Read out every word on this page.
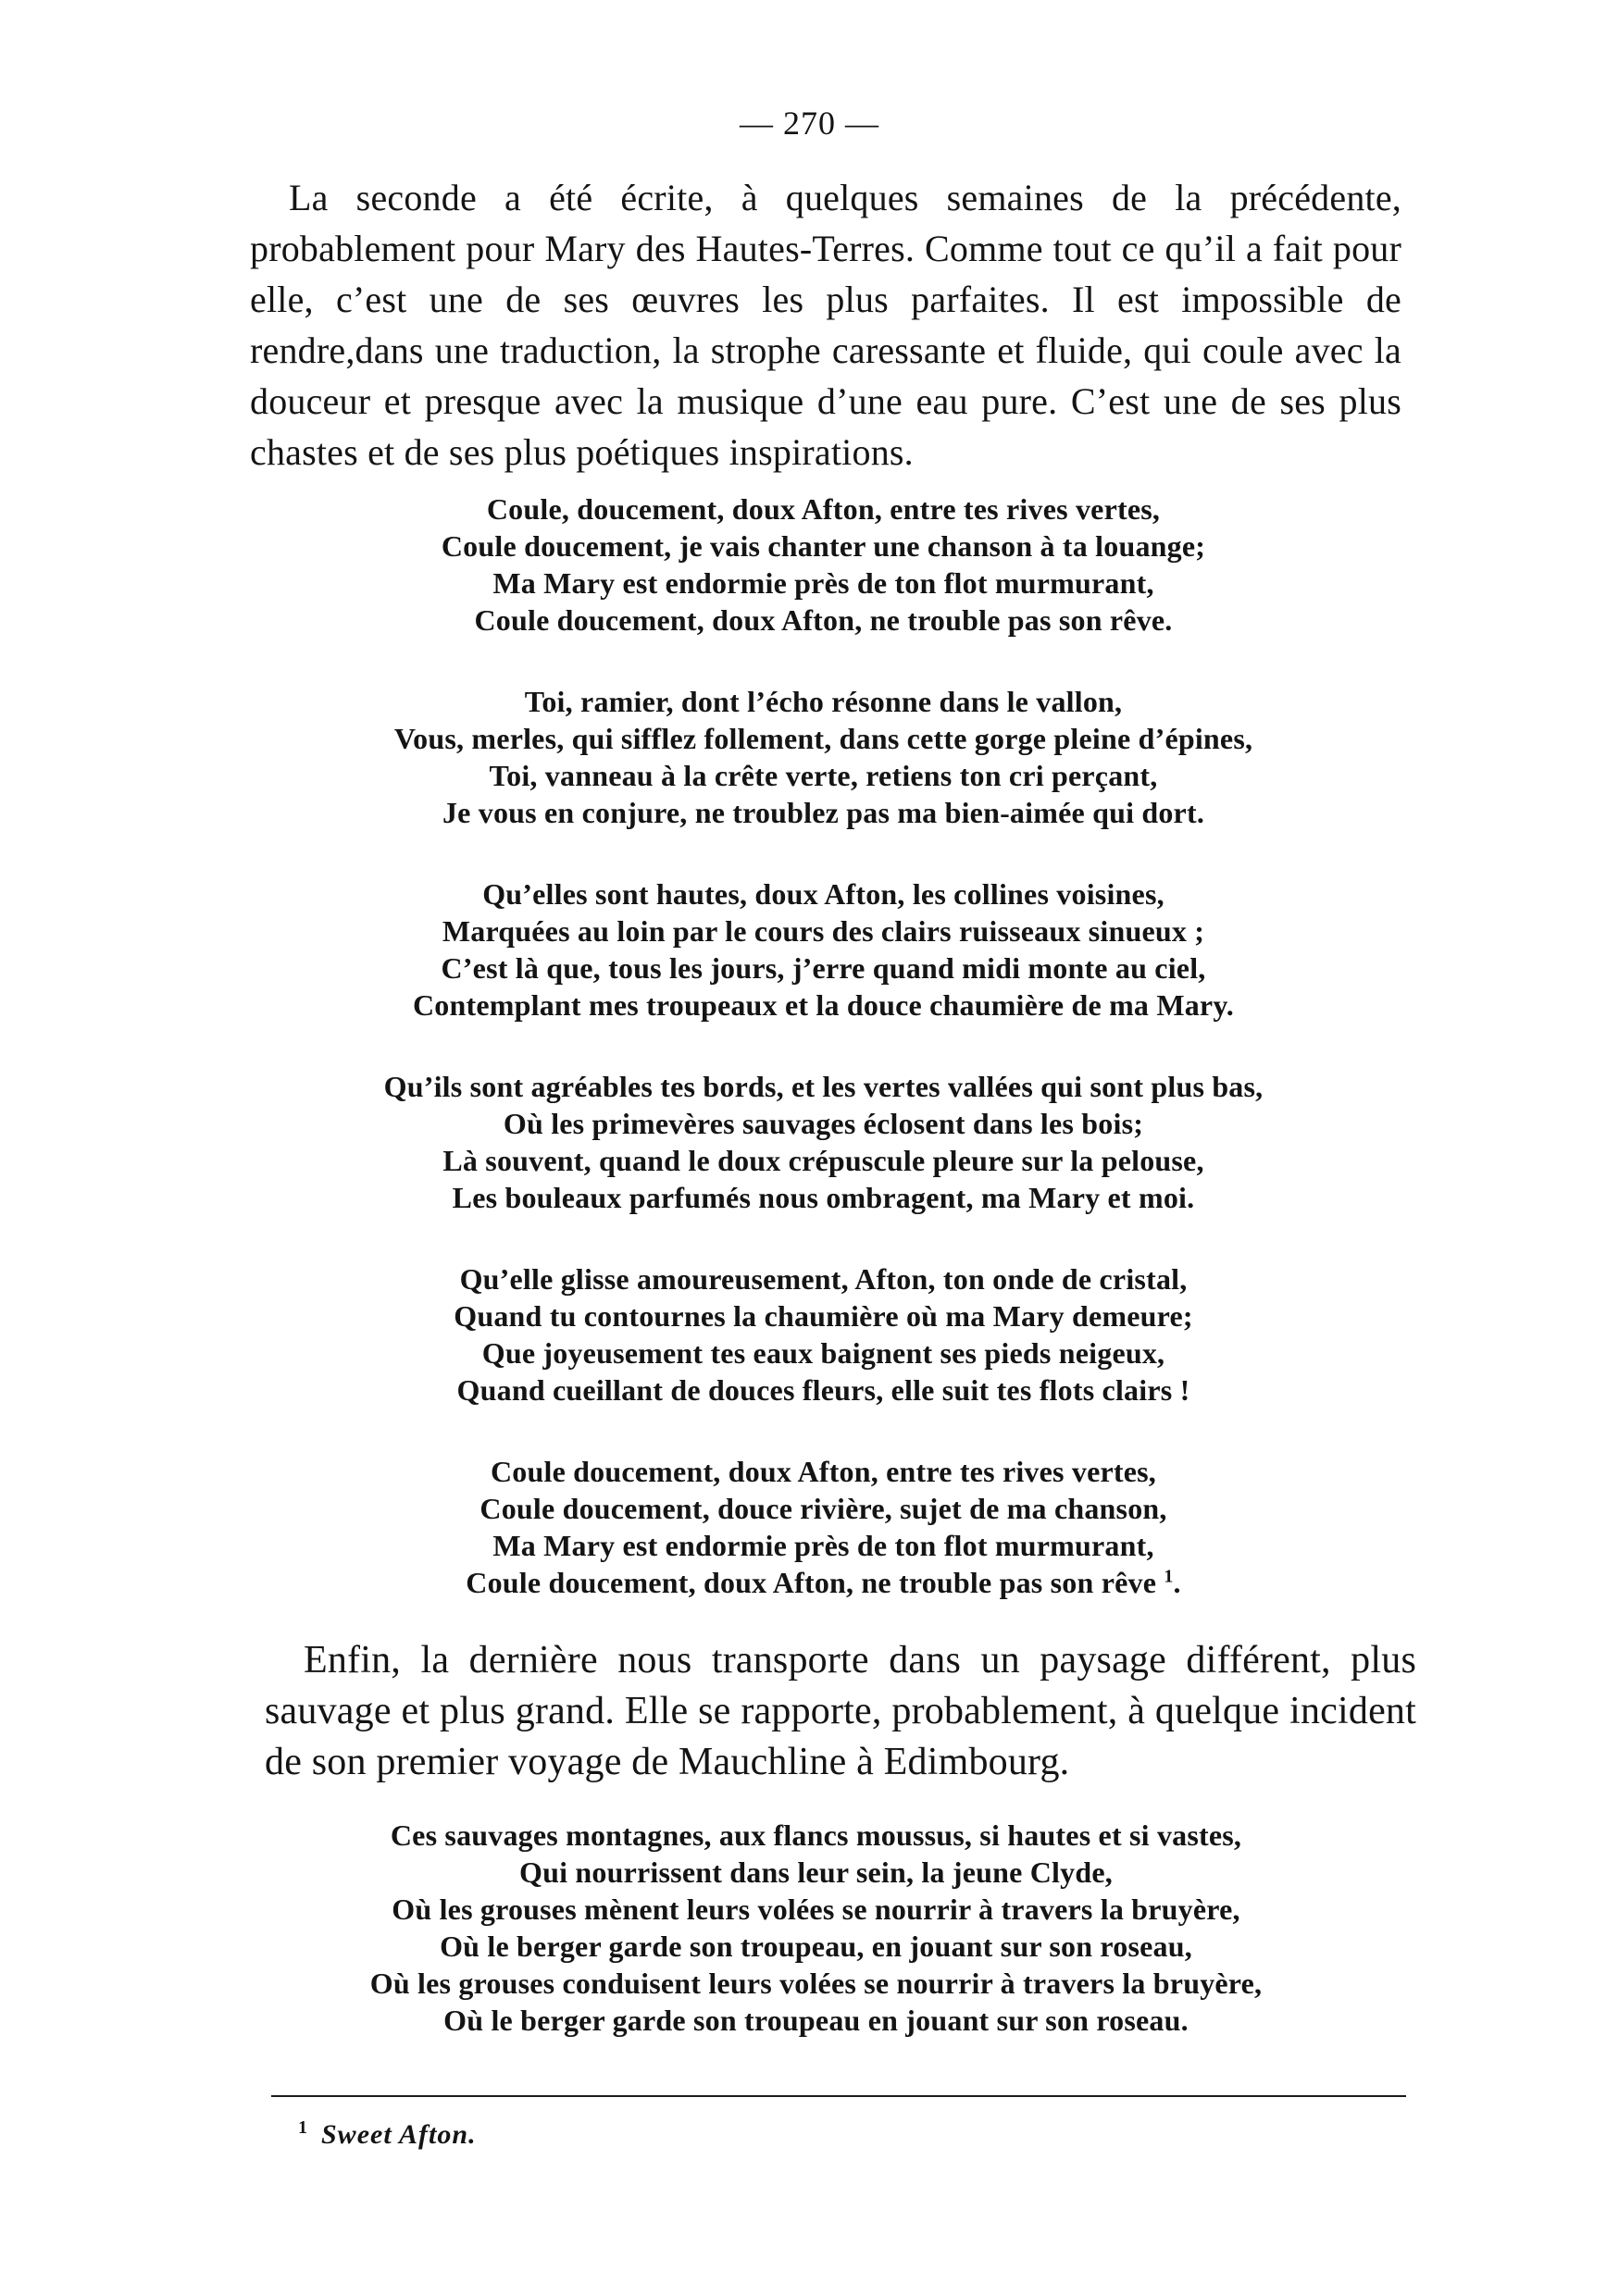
— 270 —

La seconde a été écrite, à quelques semaines de la précédente, probablement pour Mary des Hautes-Terres. Comme tout ce qu’il a fait pour elle, c’est une de ses œuvres les plus parfaites. Il est impossible de rendre,dans une traduction, la strophe caressante et fluide, qui coule avec la douceur et presque avec la musique d’une eau pure. C’est une de ses plus chastes et de ses plus poétiques inspirations.

Coule, doucement, doux Afton, entre tes rives vertes,
Coule doucement, je vais chanter une chanson à ta louange;
Ma Mary est endormie près de ton flot murmurant,
Coule doucement, doux Afton, ne trouble pas son rêve.
Toi, ramier, dont l’écho résonne dans le vallon,
Vous, merles, qui sifflez follement, dans cette gorge pleine d’épines,
Toi, vanneau à la crête verte, retiens ton cri perçant,
Je vous en conjure, ne troublez pas ma bien-aimée qui dort.
Qu’elles sont hautes, doux Afton, les collines voisines,
Marquées au loin par le cours des clairs ruisseaux sinueux ;
C’est là que, tous les jours, j’erre quand midi monte au ciel,
Contemplant mes troupeaux et la douce chaumière de ma Mary.
Qu’ils sont agréables tes bords, et les vertes vallées qui sont plus bas,
Où les primevères sauvages éclosent dans les bois;
Là souvent, quand le doux crépuscule pleure sur la pelouse,
Les bouleaux parfumés nous ombragent, ma Mary et moi.
Qu’elle glisse amoureusement, Afton, ton onde de cristal,
Quand tu contournes la chaumière où ma Mary demeure;
Que joyeusement tes eaux baignent ses pieds neigeux,
Quand cueillant de douces fleurs, elle suit tes flots clairs !
Coule doucement, doux Afton, entre tes rives vertes,
Coule doucement, douce rivière, sujet de ma chanson,
Ma Mary est endormie près de ton flot murmurant,
Coule doucement, doux Afton, ne trouble pas son rêve $^1$.

Enfin, la dernière nous transporte dans un paysage différent, plus sauvage et plus grand. Elle se rapporte, probablement, à quelque incident de son premier voyage de Mauchline à Edimbourg.

Ces sauvages montagnes, aux flancs moussus, si hautes et si vastes,
Qui nourrissent dans leur sein, la jeune Clyde,
Où les grouses mènent leurs volées se nourrir à travers la bruyère,
Où le berger garde son troupeau, en jouant sur son roseau,
Où les grouses conduisent leurs volées se nourrir à travers la bruyère,
Où le berger garde son troupeau en jouant sur son roseau.
$^1$ Sweet Afton.
